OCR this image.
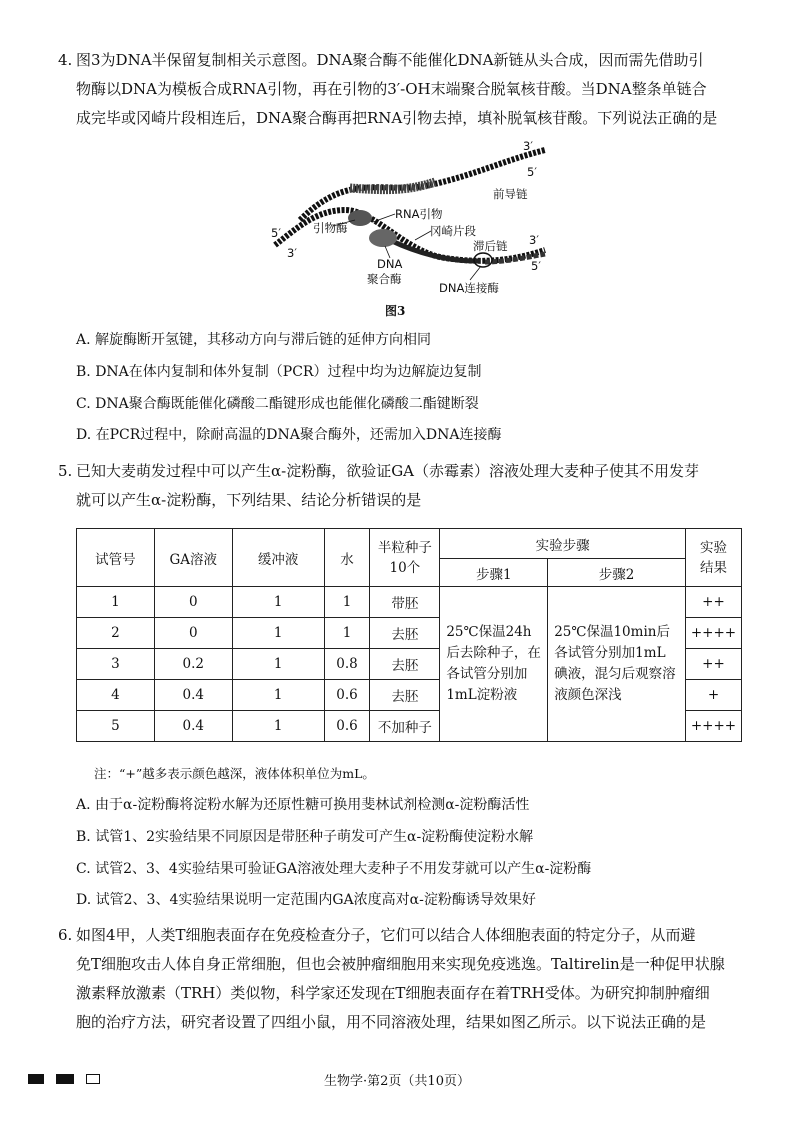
4. 图3为DNA半保留复制相关示意图。DNA聚合酶不能催化DNA新链从头合成，因而需先借助引
物酶以DNA为模板合成RNA引物，再在引物的3′-OH末端聚合脱氧核苷酸。当DNA整条单链合
成完毕或冈崎片段相连后，DNA聚合酶再把RNA引物去掉，填补脱氧核苷酸。下列说法正确的是
3′
5′
前导链
RNA引物
引物酶	冈崎片段
滞后链
5′
3′
3′
5′
DNA
聚合酶
DNA连接酶
图3
A. 解旋酶断开氢键，其移动方向与滞后链的延伸方向相同
B. DNA在体内复制和体外复制（PCR）过程中均为边解旋边复制
C. DNA聚合酶既能催化磷酸二酯键形成也能催化磷酸二酯键断裂
D. 在PCR过程中，除耐高温的DNA聚合酶外，还需加入DNA连接酶
5. 已知大麦萌发过程中可以产生α-淀粉酶，欲验证GA（赤霉素）溶液处理大麦种子使其不用发芽
就可以产生α-淀粉酶，下列结果、结论分析错误的是
试管号	GA溶液	缓冲液	水	半粒种子10个	实验步骤		实验结果
					步骤1	步骤2	
1	0	1	1	带胚	25℃保温24h后去除种子，在各试管分别加1mL淀粉液	25℃保温10min后各试管分别加1mL碘液，混匀后观察溶液颜色深浅	++
2	0	1	1	去胚			++++
3	0.2	1	0.8	去胚			++
4	0.4	1	0.6	去胚			+
5	0.4	1	0.6	不加种子			++++
注：“+”越多表示颜色越深，液体体积单位为mL。
A. 由于α-淀粉酶将淀粉水解为还原性糖可换用斐林试剂检测α-淀粉酶活性
B. 试管1、2实验结果不同原因是带胚种子萌发可产生α-淀粉酶使淀粉水解
C. 试管2、3、4实验结果可验证GA溶液处理大麦种子不用发芽就可以产生α-淀粉酶
D. 试管2、3、4实验结果说明一定范围内GA浓度高对α-淀粉酶诱导效果好
6. 如图4甲，人类T细胞表面存在免疫检查分子，它们可以结合人体细胞表面的特定分子，从而避
免T细胞攻击人体自身正常细胞，但也会被肿瘤细胞用来实现免疫逃逸。Taltirelin是一种促甲状腺
激素释放激素（TRH）类似物，科学家还发现在T细胞表面存在着TRH受体。为研究抑制肿瘤细
胞的治疗方法，研究者设置了四组小鼠，用不同溶液处理，结果如图乙所示。以下说法正确的是
生物学·第2页（共10页）
